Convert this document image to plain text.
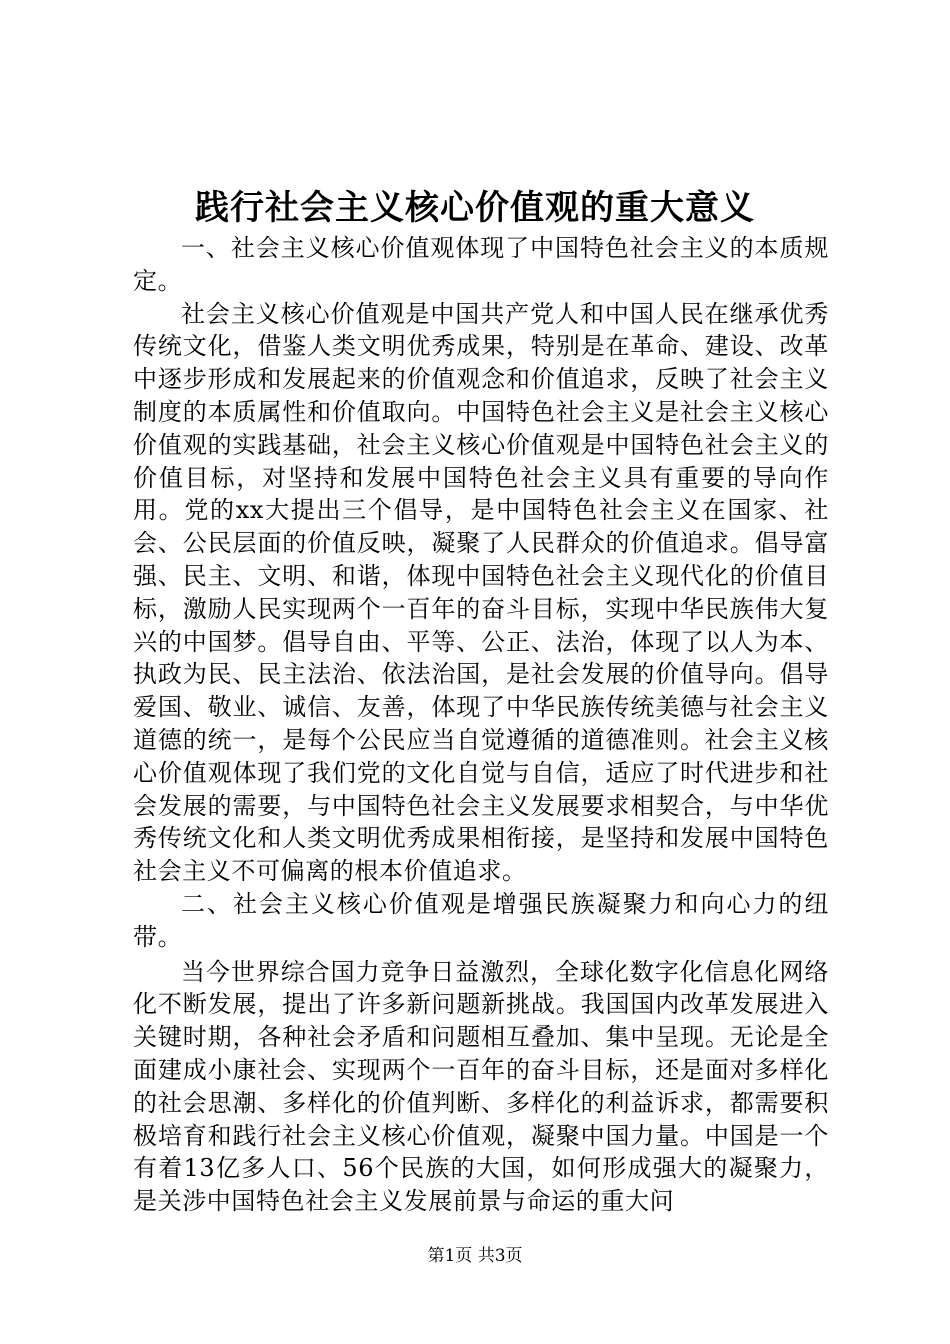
践行社会主义核心价值观的重大意义

一、社会主义核心价值观体现了中国特色社会主义的本质规定。

社会主义核心价值观是中国共产党人和中国人民在继承优秀传统文化，借鉴人类文明优秀成果，特别是在革命、建设、改革中逐步形成和发展起来的价值观念和价值追求，反映了社会主义制度的本质属性和价值取向。中国特色社会主义是社会主义核心价值观的实践基础，社会主义核心价值观是中国特色社会主义的价值目标，对坚持和发展中国特色社会主义具有重要的导向作用。党的xx大提出三个倡导，是中国特色社会主义在国家、社会、公民层面的价值反映，凝聚了人民群众的价值追求。倡导富强、民主、文明、和谐，体现中国特色社会主义现代化的价值目标，激励人民实现两个一百年的奋斗目标，实现中华民族伟大复兴的中国梦。倡导自由、平等、公正、法治，体现了以人为本、执政为民、民主法治、依法治国，是社会发展的价值导向。倡导爱国、敬业、诚信、友善，体现了中华民族传统美德与社会主义道德的统一，是每个公民应当自觉遵循的道德准则。社会主义核心价值观体现了我们党的文化自觉与自信，适应了时代进步和社会发展的需要，与中国特色社会主义发展要求相契合，与中华优秀传统文化和人类文明优秀成果相衔接，是坚持和发展中国特色社会主义不可偏离的根本价值追求。

二、社会主义核心价值观是增强民族凝聚力和向心力的纽带。

当今世界综合国力竞争日益激烈，全球化数字化信息化网络化不断发展，提出了许多新问题新挑战。我国国内改革发展进入关键时期，各种社会矛盾和问题相互叠加、集中呈现。无论是全面建成小康社会、实现两个一百年的奋斗目标，还是面对多样化的社会思潮、多样化的价值判断、多样化的利益诉求，都需要积极培育和践行社会主义核心价值观，凝聚中国力量。中国是一个有着13亿多人口、56个民族的大国，如何形成强大的凝聚力，是关涉中国特色社会主义发展前景与命运的重大问

第1页 共3页
